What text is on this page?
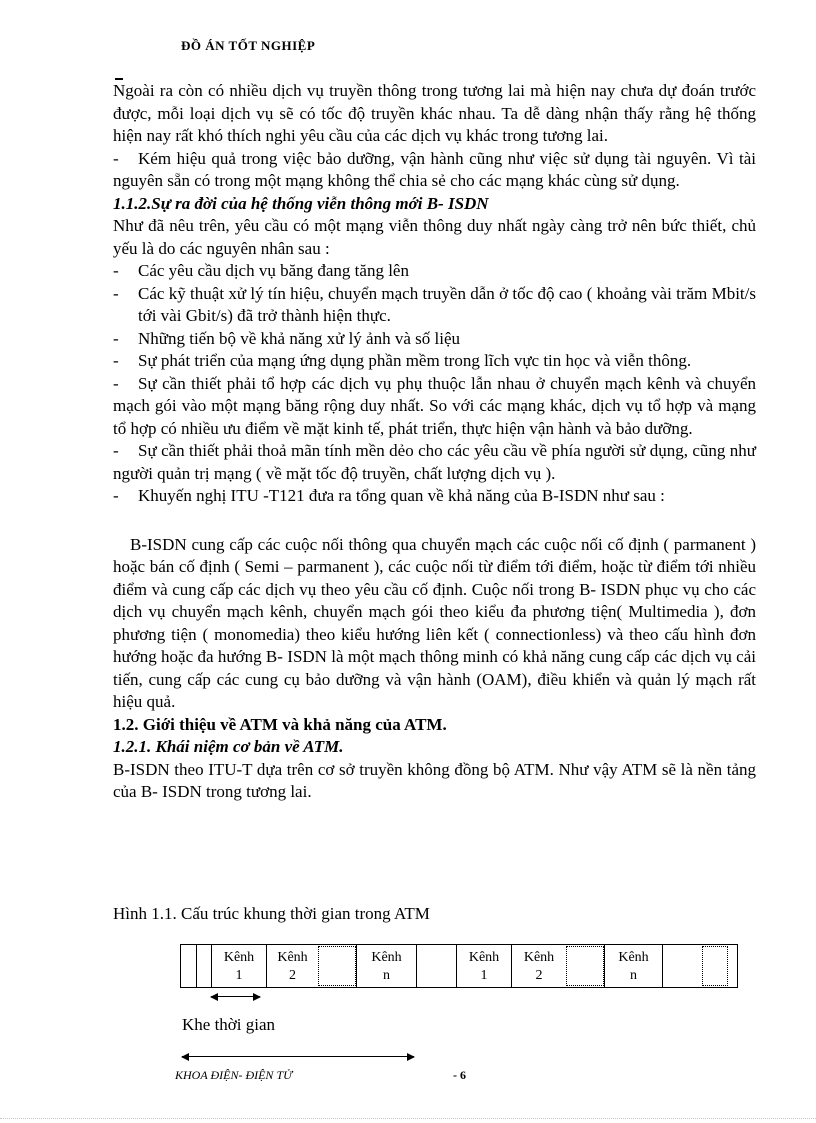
ĐỒ ÁN TỐT NGHIỆP

Ngoài ra còn có nhiều dịch vụ truyền thông trong tương lai mà hiện nay chưa dự đoán trước được, mỗi loại dịch vụ sẽ có tốc độ truyền khác nhau. Ta dễ dàng nhận thấy rằng hệ thống hiện nay rất khó thích nghi yêu cầu của các dịch vụ khác trong tương lai.

- Kém hiệu quả trong việc bảo dưỡng, vận hành cũng như việc sử dụng tài nguyên. Vì tài nguyên sẵn có trong một mạng không thể chia sẻ cho các mạng khác cùng sử dụng.

1.1.2.Sự ra đời của hệ thống viễn thông mới B- ISDN

Như đã nêu trên, yêu cầu có một mạng viễn thông duy nhất ngày càng trở nên bức thiết, chủ yếu là do các nguyên nhân sau :

-	Các yêu cầu dịch vụ băng đang tăng lên
-	Các kỹ thuật xử lý tín hiệu, chuyển mạch truyền dẫn ở tốc độ cao ( khoảng vài trăm Mbit/s tới vài Gbit/s) đã trở thành hiện thực.
-	Những tiến bộ về khả năng xử lý ảnh và số liệu
-	Sự phát triển của mạng ứng dụng phần mềm trong lĩch vực tin học và viễn thông.

- Sự cần thiết phải tổ hợp các dịch vụ phụ thuộc lẫn nhau ở chuyển mạch kênh và chuyển mạch gói vào một mạng băng rộng duy nhất. So với các mạng khác, dịch vụ tổ hợp và mạng tổ hợp có nhiều ưu điểm về mặt kinh tế, phát triển, thực hiện vận hành và bảo dưỡng.

- Sự cần thiết phải thoả mãn tính mền dẻo cho các yêu cầu về phía người sử dụng, cũng như người quản trị mạng ( về mặt tốc độ truyền, chất lượng dịch vụ ).

-	Khuyến nghị ITU -T121 đưa ra tổng quan về khả năng của B-ISDN như sau :

B-ISDN cung cấp các cuộc nối thông qua chuyển mạch các cuộc nối cố định ( parmanent ) hoặc bán cố định ( Semi – parmanent ), các cuộc nối từ điểm tới điểm, hoặc từ điểm tới nhiều điểm và cung cấp các dịch vụ theo yêu cầu cố định. Cuộc nối trong B- ISDN phục vụ cho các dịch vụ chuyển mạch kênh, chuyển mạch gói theo kiểu đa phương tiện( Multimedia ), đơn phương tiện ( monomedia) theo kiểu hướng liên kết ( connectionless) và theo cấu hình đơn hướng hoặc đa hướng B- ISDN là một mạch thông minh có khả năng cung cấp các dịch vụ cải tiến, cung cấp các cung cụ bảo dưỡng và vận hành (OAM), điều khiển và quản lý mạch rất hiệu quả.

1.2. Giới thiệu về ATM và khả năng của ATM.

1.2.1. Khái niệm cơ bản về ATM.

B-ISDN theo ITU-T dựa trên cơ sở truyền không đồng bộ ATM. Như vậy ATM sẽ là nền tảng của B- ISDN trong tương lai.

Hình 1.1. Cấu trúc khung thời gian trong ATM
Kênh
1
Kênh
2
Kênh
n
Kênh
1
Kênh
2
Kênh
n
Khe thời gian
KHOA ĐIỆN- ĐIỆN TỬ	- 6
